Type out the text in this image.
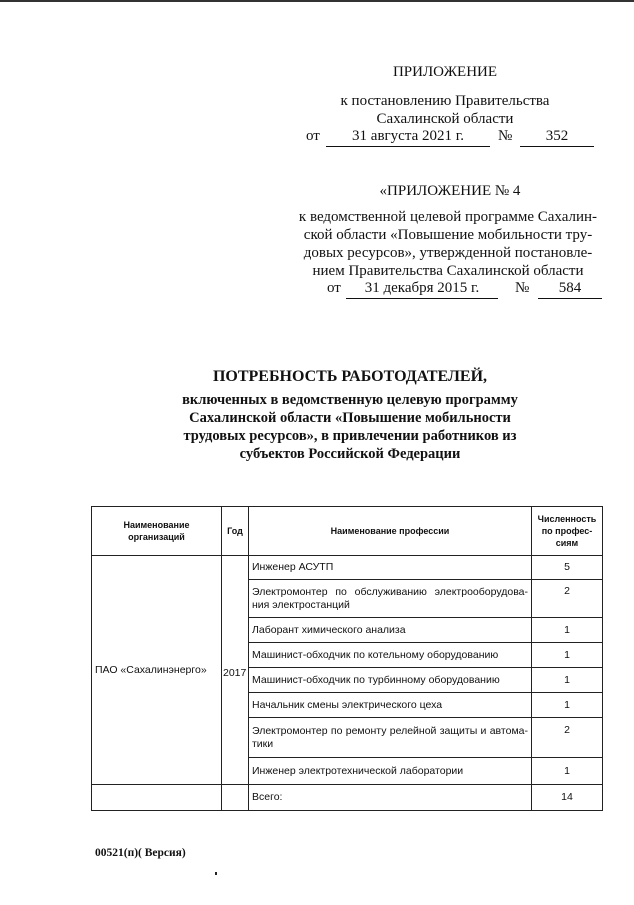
ПРИЛОЖЕНИЕ
к постановлению Правительства
Сахалинской области
от	31 августа 2021 г.	№	352
«ПРИЛОЖЕНИЕ № 4
к ведомственной целевой программе Сахалин-
ской области «Повышение мобильности тру-
довых ресурсов», утвержденной постановле-
нием Правительства Сахалинской области
от	31 декабря 2015 г.	№	584
ПОТРЕБНОСТЬ РАБОТОДАТЕЛЕЙ,
включенных в ведомственную целевую программу
Сахалинской области «Повышение мобильности
трудовых ресурсов», в привлечении работников из
субъектов Российской Федерации
Наименование организаций	Год	Наименование профессии	Численность по профес- сиям
ПАО «Сахалинэнерго»	2017	Инженер АСУТП	5
		Электромонтер по обслуживанию электрооборудова-ния электростанций	2
		Лаборант химического анализа	1
		Машинист-обходчик по котельному оборудованию	1
		Машинист-обходчик по турбинному оборудованию	1
		Начальник смены электрического цеха	1
		Электромонтер по ремонту релейной защиты и автома-тики	2
		Инженер электротехнической лаборатории	1
		Всего:	14
00521(п)( Версия)
